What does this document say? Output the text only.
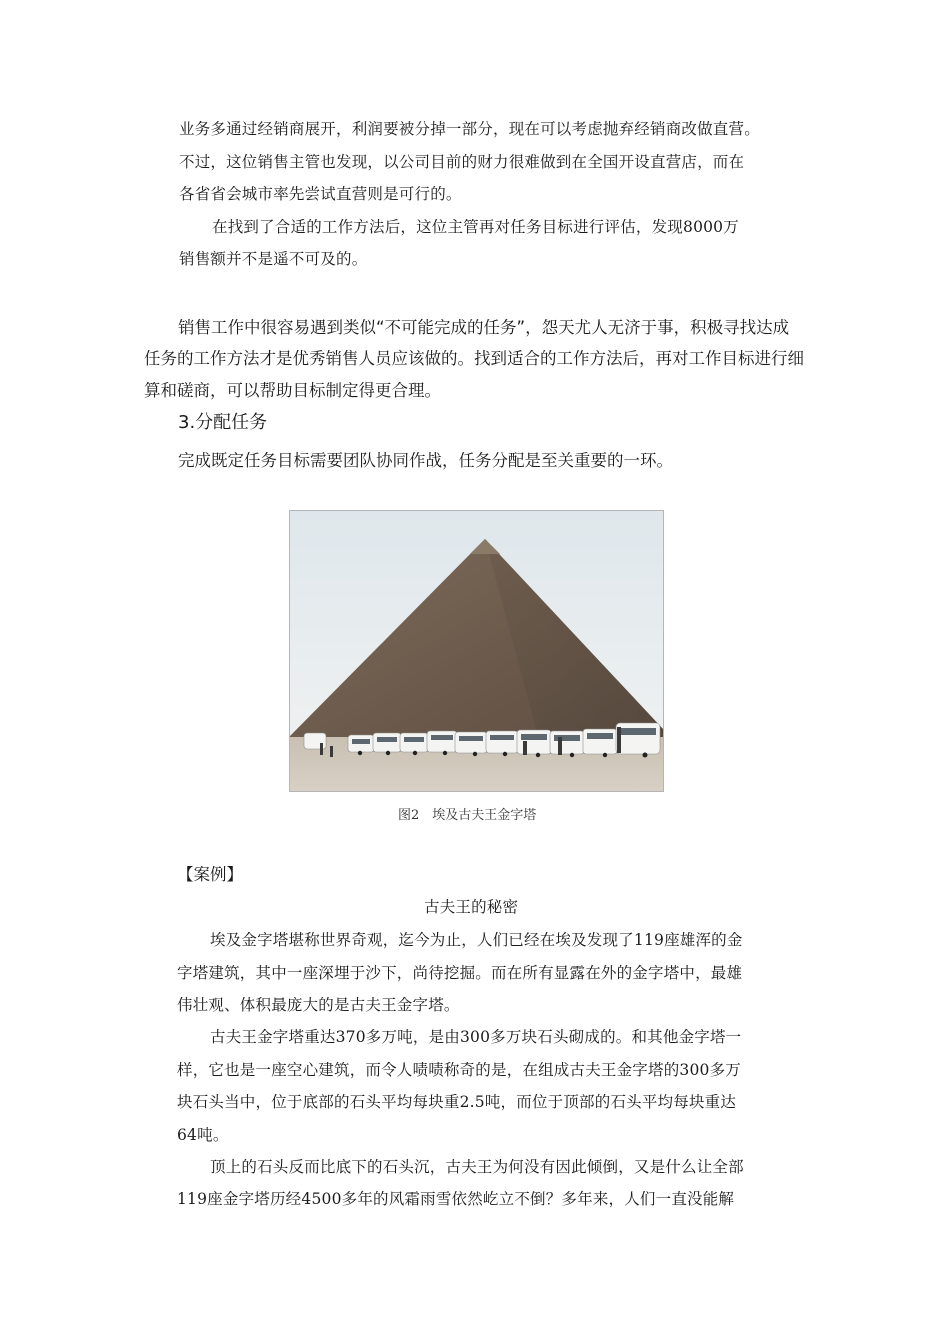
业务多通过经销商展开，利润要被分掉一部分，现在可以考虑抛弃经销商改做直营。
不过，这位销售主管也发现，以公司目前的财力很难做到在全国开设直营店，而在
各省省会城市率先尝试直营则是可行的。
在找到了合适的工作方法后，这位主管再对任务目标进行评估，发现8000万
销售额并不是遥不可及的。
销售工作中很容易遇到类似“不可能完成的任务”，怨天尤人无济于事，积极寻找达成
任务的工作方法才是优秀销售人员应该做的。找到适合的工作方法后，再对工作目标进行细
算和磋商，可以帮助目标制定得更合理。
3.分配任务
完成既定任务目标需要团队协同作战，任务分配是至关重要的一环。
图2　埃及古夫王金字塔
【案例】
古夫王的秘密
埃及金字塔堪称世界奇观，迄今为止，人们已经在埃及发现了119座雄浑的金
字塔建筑，其中一座深埋于沙下，尚待挖掘。而在所有显露在外的金字塔中，最雄
伟壮观、体积最庞大的是古夫王金字塔。
古夫王金字塔重达370多万吨，是由300多万块石头砌成的。和其他金字塔一
样，它也是一座空心建筑，而令人啧啧称奇的是，在组成古夫王金字塔的300多万
块石头当中，位于底部的石头平均每块重2.5吨，而位于顶部的石头平均每块重达
64吨。
顶上的石头反而比底下的石头沉，古夫王为何没有因此倾倒，又是什么让全部
119座金字塔历经4500多年的风霜雨雪依然屹立不倒？多年来，人们一直没能解
